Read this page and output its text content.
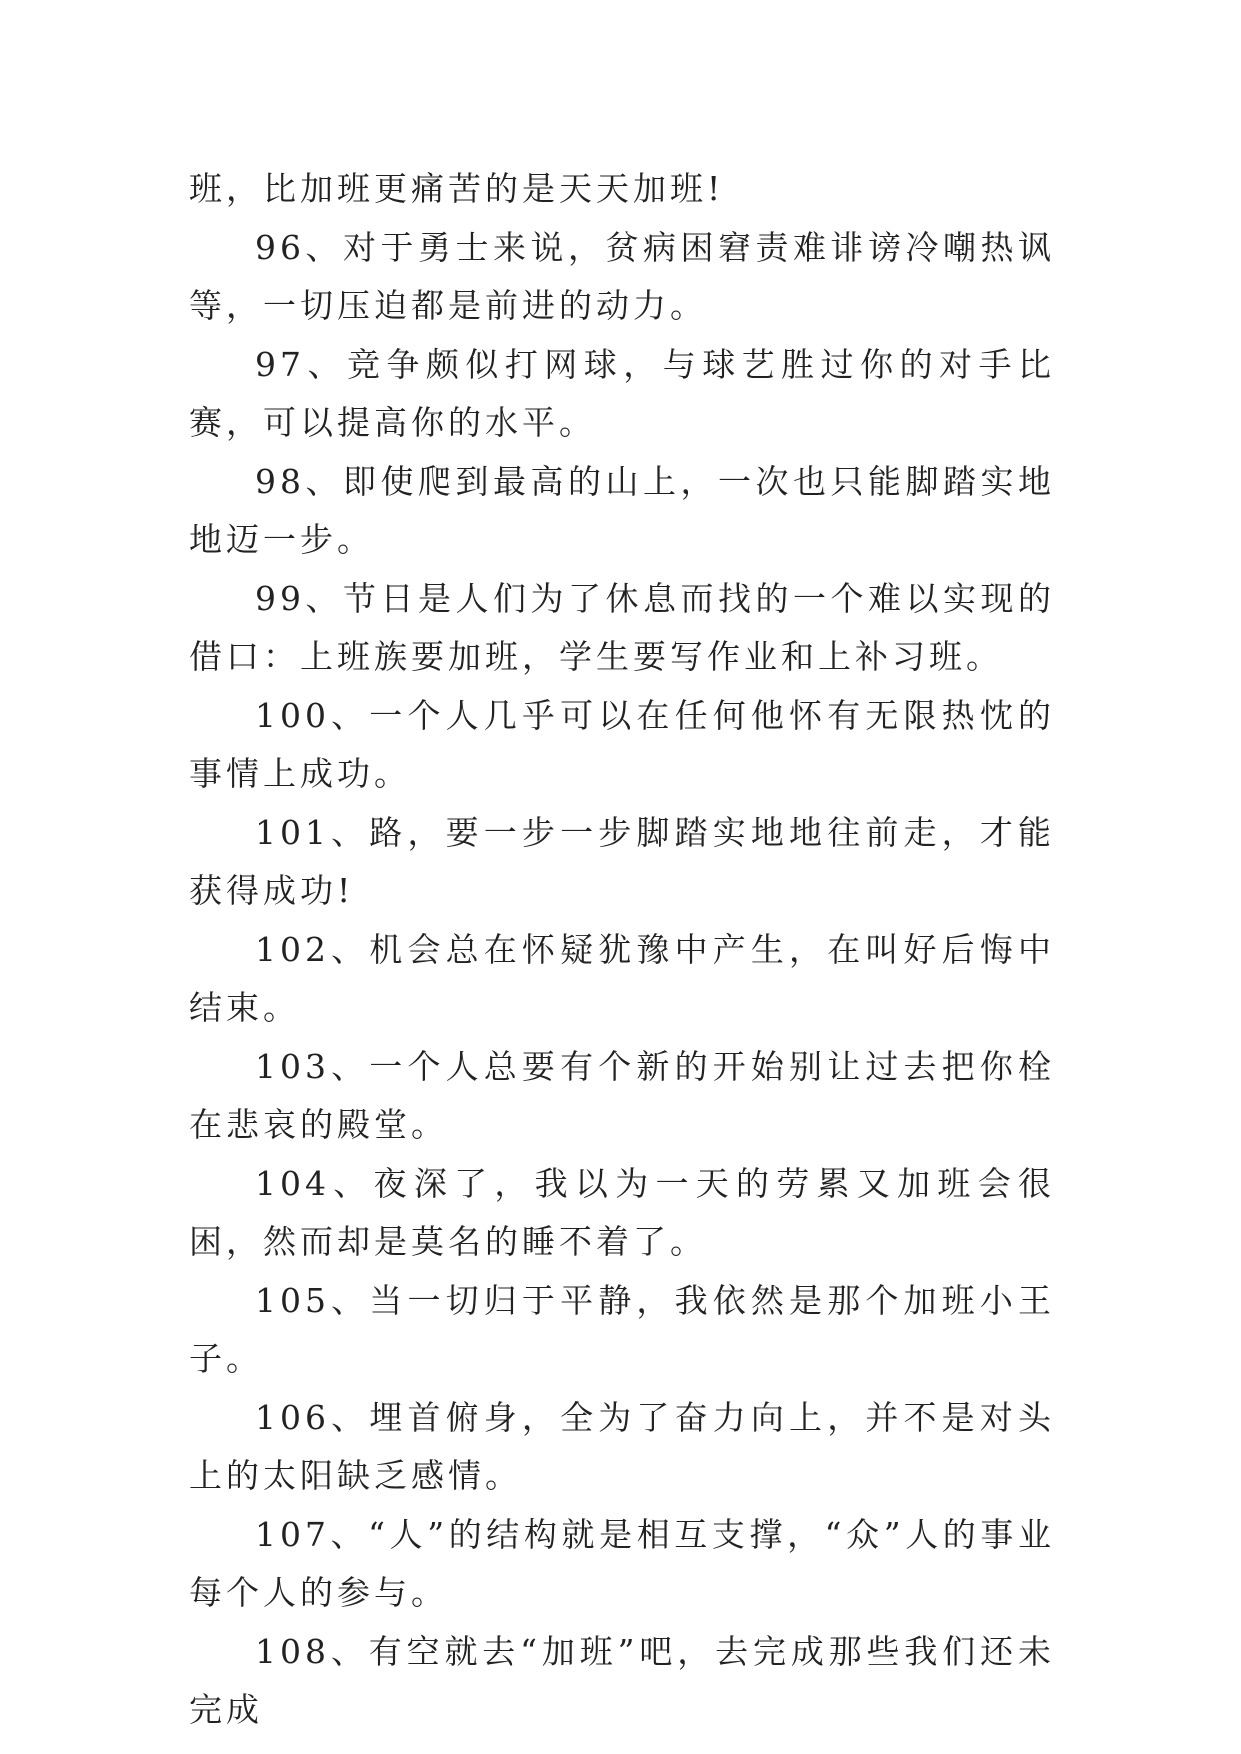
班，比加班更痛苦的是天天加班!

96、对于勇士来说，贫病困窘责难诽谤冷嘲热讽等，一切压迫都是前进的动力。

97、竞争颇似打网球，与球艺胜过你的对手比赛，可以提高你的水平。

98、即使爬到最高的山上，一次也只能脚踏实地地迈一步。

99、节日是人们为了休息而找的一个难以实现的借口：上班族要加班，学生要写作业和上补习班。

100、一个人几乎可以在任何他怀有无限热忱的事情上成功。

101、路，要一步一步脚踏实地地往前走，才能获得成功!

102、机会总在怀疑犹豫中产生，在叫好后悔中结束。

103、一个人总要有个新的开始别让过去把你栓在悲哀的殿堂。

104、夜深了，我以为一天的劳累又加班会很困，然而却是莫名的睡不着了。

105、当一切归于平静，我依然是那个加班小王子。

106、埋首俯身，全为了奋力向上，并不是对头上的太阳缺乏感情。

107、“人”的结构就是相互支撑，“众”人的事业每个人的参与。

108、有空就去“加班”吧，去完成那些我们还未完成
